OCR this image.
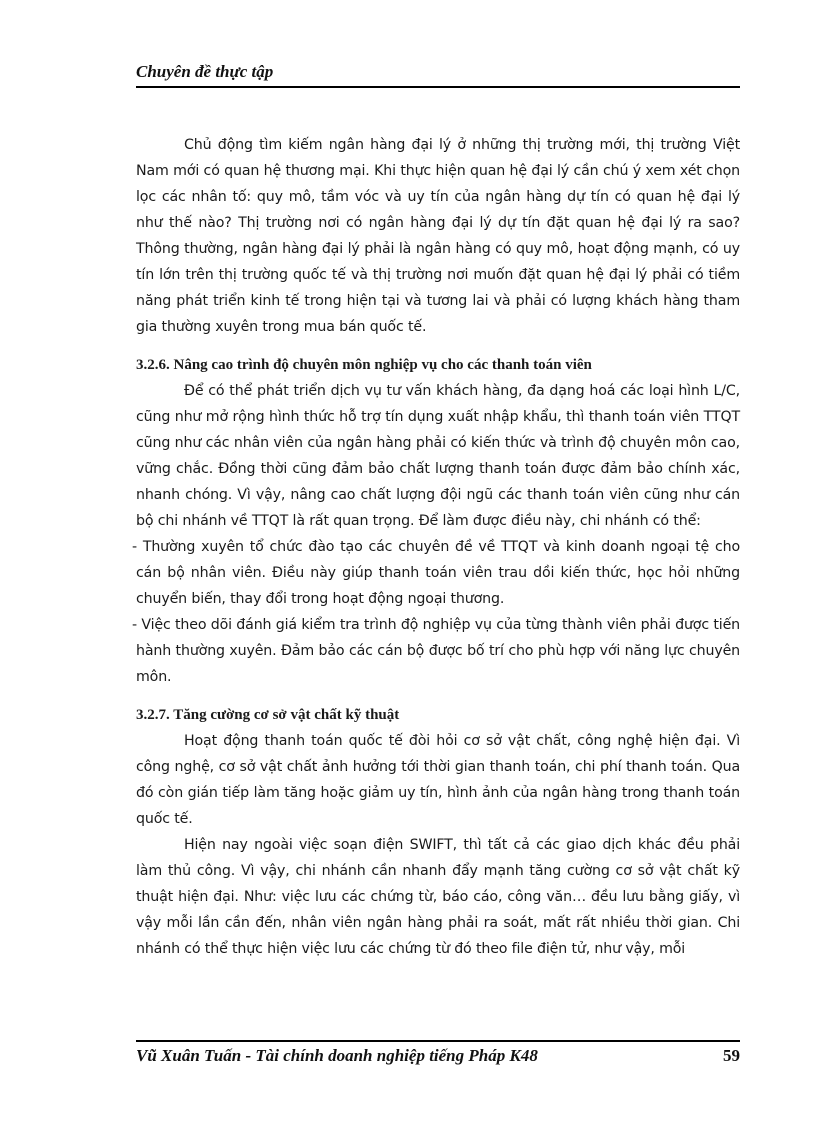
Chuyên đề thực tập

Chủ động tìm kiếm ngân hàng đại lý ở những thị trường mới, thị trường Việt Nam mới có quan hệ thương mại. Khi thực hiện quan hệ đại lý cần chú ý xem xét chọn lọc các nhân tố: quy mô, tầm vóc và uy tín của ngân hàng dự tín có quan hệ đại lý như thế nào? Thị trường nơi có ngân hàng đại lý dự tín đặt quan hệ đại lý ra sao? Thông thường, ngân hàng đại lý phải là ngân hàng có quy mô, hoạt động mạnh, có uy tín lớn trên thị trường quốc tế và thị trường nơi muốn đặt quan hệ đại lý phải có tiềm năng phát triển kinh tế trong hiện tại và tương lai và phải có lượng khách hàng tham gia thường xuyên trong mua bán quốc tế.

3.2.6. Nâng cao trình độ chuyên môn nghiệp vụ cho các thanh toán viên

Để có thể phát triển dịch vụ tư vấn khách hàng, đa dạng hoá các loại hình L/C, cũng như mở rộng hình thức hỗ trợ tín dụng xuất nhập khẩu, thì thanh toán viên TTQT cũng như các nhân viên của ngân hàng phải có kiến thức và trình độ chuyên môn cao, vững chắc. Đồng thời cũng đảm bảo chất lượng thanh toán được đảm bảo chính xác, nhanh chóng. Vì vậy, nâng cao chất lượng đội ngũ các thanh toán viên cũng như cán bộ chi nhánh về TTQT là rất quan trọng. Để làm được điều này, chi nhánh có thể:

- Thường xuyên tổ chức đào tạo các chuyên đề về TTQT và kinh doanh ngoại tệ cho cán bộ nhân viên. Điều này giúp thanh toán viên trau dồi kiến thức, học hỏi những chuyển biến, thay đổi trong hoạt động ngoại thương.

- Việc theo dõi đánh giá kiểm tra trình độ nghiệp vụ của từng thành viên phải được tiến hành thường xuyên. Đảm bảo các cán bộ được bố trí cho phù hợp với năng lực chuyên môn.

3.2.7. Tăng cường cơ sở vật chất kỹ thuật

Hoạt động thanh toán quốc tế đòi hỏi cơ sở vật chất, công nghệ hiện đại. Vì công nghệ, cơ sở vật chất ảnh hưởng tới thời gian thanh toán, chi phí thanh toán. Qua đó còn gián tiếp làm tăng hoặc giảm uy tín, hình ảnh của ngân hàng trong thanh toán quốc tế.

Hiện nay ngoài việc soạn điện SWIFT, thì tất cả các giao dịch khác đều phải làm thủ công. Vì vậy, chi nhánh cần nhanh đẩy mạnh tăng cường cơ sở vật chất kỹ thuật hiện đại. Như: việc lưu các chứng từ, báo cáo, công văn… đều lưu bằng giấy, vì vậy mỗi lần cần đến, nhân viên ngân hàng phải ra soát, mất rất nhiều thời gian. Chi nhánh có thể thực hiện việc lưu các chứng từ đó theo file điện tử, như vậy, mỗi

Vũ Xuân Tuấn - Tài chính doanh nghiệp tiếng Pháp K48	59
